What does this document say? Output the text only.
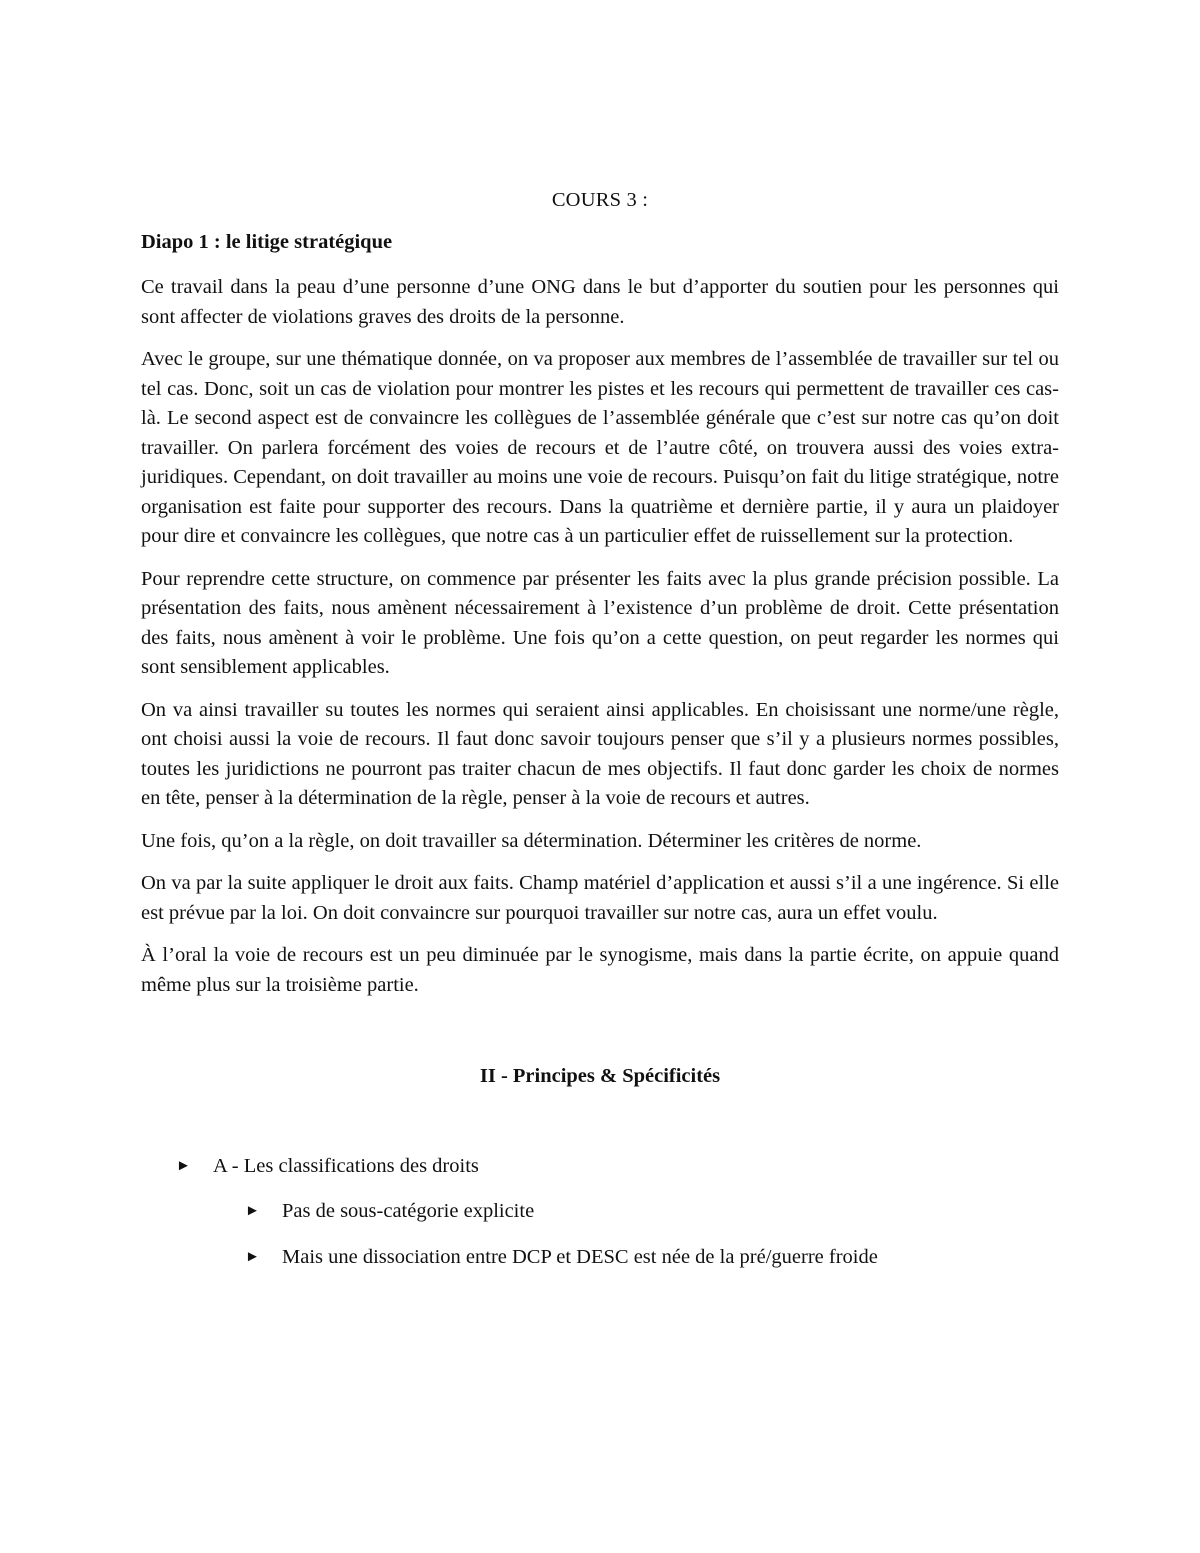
COURS 3 :
Diapo 1 : le litige stratégique

Ce travail dans la peau d’une personne d’une ONG dans le but d’apporter du soutien pour les personnes qui sont affecter de violations graves des droits de la personne.

Avec le groupe, sur une thématique donnée, on va proposer aux membres de l’assemblée de travailler sur tel ou tel cas. Donc, soit un cas de violation pour montrer les pistes et les recours qui permettent de travailler ces cas-là. Le second aspect est de convaincre les collègues de l’assemblée générale que c’est sur notre cas qu’on doit travailler. On parlera forcément des voies de recours et de l’autre côté, on trouvera aussi des voies extra-juridiques. Cependant, on doit travailler au moins une voie de recours. Puisqu’on fait du litige stratégique, notre organisation est faite pour supporter des recours. Dans la quatrième et dernière partie, il y aura un plaidoyer pour dire et convaincre les collègues, que notre cas à un particulier effet de ruissellement sur la protection.

Pour reprendre cette structure, on commence par présenter les faits avec la plus grande précision possible. La présentation des faits, nous amènent nécessairement à l’existence d’un problème de droit. Cette présentation des faits, nous amènent à voir le problème. Une fois qu’on a cette question, on peut regarder les normes qui sont sensiblement applicables.

On va ainsi travailler su toutes les normes qui seraient ainsi applicables. En choisissant une norme/une règle, ont choisi aussi la voie de recours. Il faut donc savoir toujours penser que s’il y a plusieurs normes possibles, toutes les juridictions ne pourront pas traiter chacun de mes objectifs. Il faut donc garder les choix de normes en tête, penser à la détermination de la règle, penser à la voie de recours et autres.

Une fois, qu’on a la règle, on doit travailler sa détermination. Déterminer les critères de norme.

On va par la suite appliquer le droit aux faits. Champ matériel d’application et aussi s’il a une ingérence. Si elle est prévue par la loi. On doit convaincre sur pourquoi travailler sur notre cas, aura un effet voulu.

À l’oral la voie de recours est un peu diminuée par le synogisme, mais dans la partie écrite, on appuie quand même plus sur la troisième partie.

II - Principes & Spécificités
► A - Les classifications des droits
► Pas de sous-catégorie explicite
► Mais une dissociation entre DCP et DESC est née de la pré/guerre froide
